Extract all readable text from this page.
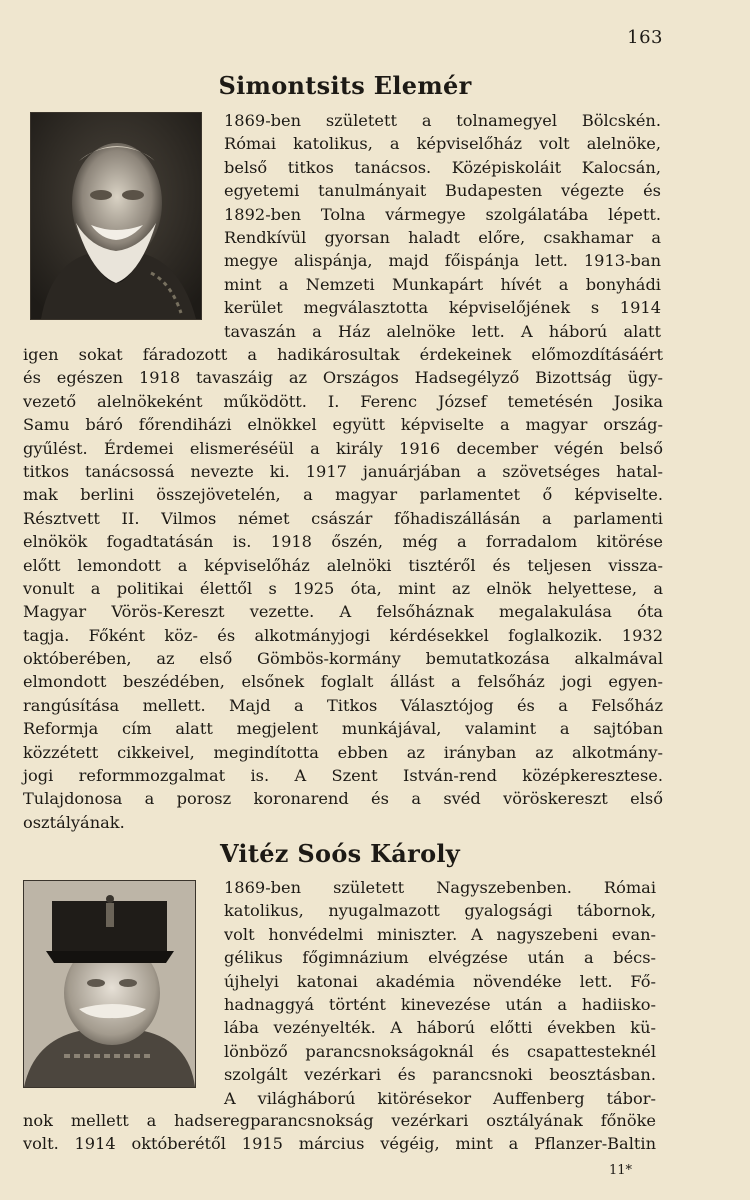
163
Simontsits Elemér
1869-ben született a tolnamegyel Bölcskén.
Római katolikus, a képviselőház volt alelnöke,
belső titkos tanácsos. Középiskoláit Kalocsán,
egyetemi tanulmányait Budapesten végezte és
1892-ben Tolna vármegye szolgálatába lépett.
Rendkívül gyorsan haladt előre, csakhamar a
megye alispánja, majd főispánja lett. 1913-ban
mint a Nemzeti Munkapárt hívét a bonyhádi
kerület megválasztotta képviselőjének s 1914
tavaszán a Ház alelnöke lett. A háború alatt
igen sokat fáradozott a hadikárosultak érdekeinek előmozdításáért
és egészen 1918 tavaszáig az Országos Hadsegélyző Bizottság ügy-
vezető alelnökeként működött. I. Ferenc József temetésén Josika
Samu báró főrendiházi elnökkel együtt képviselte a magyar ország-
gyűlést. Érdemei elismeréséül a király 1916 december végén belső
titkos tanácsossá nevezte ki. 1917 januárjában a szövetséges hatal-
mak berlini összejövetelén, a magyar parlamentet ő képviselte.
Résztvett II. Vilmos német császár főhadiszállásán a parlamenti
elnökök fogadtatásán is. 1918 őszén, még a forradalom kitörése
előtt lemondott a képviselőház alelnöki tisztéről és teljesen vissza-
vonult a politikai élettől s 1925 óta, mint az elnök helyettese, a
Magyar Vörös-Kereszt vezette. A felsőháznak megalakulása óta
tagja. Főként köz- és alkotmányjogi kérdésekkel foglalkozik. 1932
októberében, az első Gömbös-kormány bemutatkozása alkalmával
elmondott beszédében, elsőnek foglalt állást a felsőház jogi egyen-
rangúsítása mellett. Majd a Titkos Választójog és a Felsőház
Reformja cím alatt megjelent munkájával, valamint a sajtóban
közzétett cikkeivel, megindította ebben az irányban az alkotmány-
jogi reformmozgalmat is. A Szent István-rend középkeresztese.
Tulajdonosa a porosz koronarend és a svéd vöröskereszt első
osztályának.
Vitéz Soós Károly
1869-ben született Nagyszebenben. Római
katolikus, nyugalmazott gyalogsági tábornok,
volt honvédelmi miniszter. A nagyszebeni evan-
gélikus főgimnázium elvégzése után a bécs-
újhelyi katonai akadémia növendéke lett. Fő-
hadnaggyá történt kinevezése után a hadiisko-
lába vezényelték. A háború előtti években kü-
lönböző parancsnokságoknál és csapattesteknél
szolgált vezérkari és parancsnoki beosztásban.
A világháború kitörésekor Auffenberg tábor-
nok mellett a hadseregparancsnokság vezérkari osztályának főnöke
volt. 1914 októberétől 1915 március végéig, mint a Pflanzer-Baltin
11*
